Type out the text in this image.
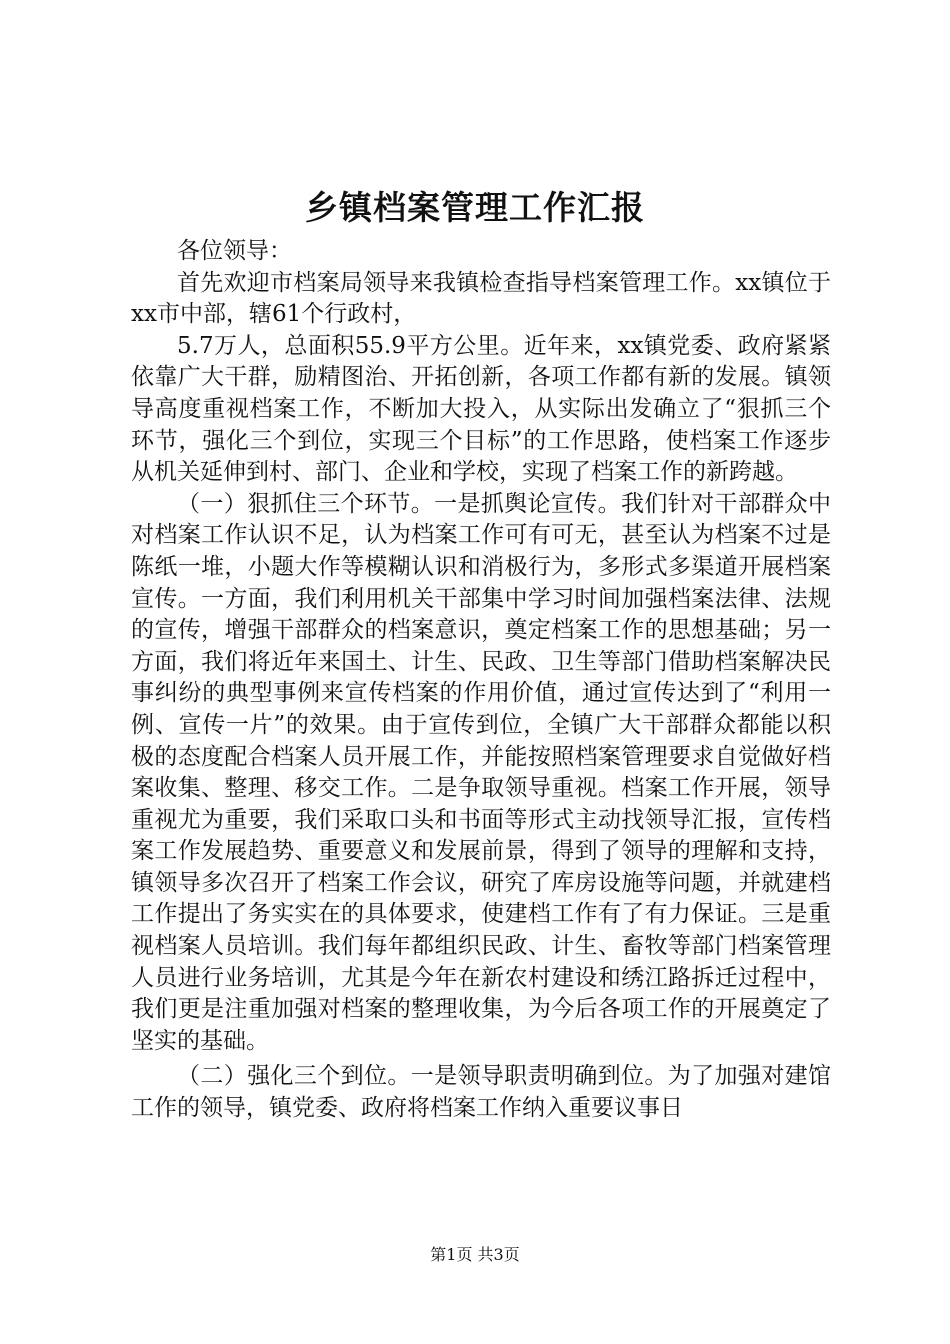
乡镇档案管理工作汇报

各位领导：

首先欢迎市档案局领导来我镇检查指导档案管理工作。xx镇位于xx市中部，辖61个行政村，

5.7万人，总面积55.9平方公里。近年来，xx镇党委、政府紧紧依靠广大干群，励精图治、开拓创新，各项工作都有新的发展。镇领导高度重视档案工作，不断加大投入，从实际出发确立了“狠抓三个环节，强化三个到位，实现三个目标”的工作思路，使档案工作逐步从机关延伸到村、部门、企业和学校，实现了档案工作的新跨越。

（一）狠抓住三个环节。一是抓舆论宣传。我们针对干部群众中对档案工作认识不足，认为档案工作可有可无，甚至认为档案不过是陈纸一堆，小题大作等模糊认识和消极行为，多形式多渠道开展档案宣传。一方面，我们利用机关干部集中学习时间加强档案法律、法规的宣传，增强干部群众的档案意识，奠定档案工作的思想基础；另一方面，我们将近年来国土、计生、民政、卫生等部门借助档案解决民事纠纷的典型事例来宣传档案的作用价值，通过宣传达到了“利用一例、宣传一片”的效果。由于宣传到位，全镇广大干部群众都能以积极的态度配合档案人员开展工作，并能按照档案管理要求自觉做好档案收集、整理、移交工作。二是争取领导重视。档案工作开展，领导重视尤为重要，我们采取口头和书面等形式主动找领导汇报，宣传档案工作发展趋势、重要意义和发展前景，得到了领导的理解和支持，镇领导多次召开了档案工作会议，研究了库房设施等问题，并就建档工作提出了务实实在的具体要求，使建档工作有了有力保证。三是重视档案人员培训。我们每年都组织民政、计生、畜牧等部门档案管理人员进行业务培训，尤其是今年在新农村建设和绣江路拆迁过程中，我们更是注重加强对档案的整理收集，为今后各项工作的开展奠定了坚实的基础。

（二）强化三个到位。一是领导职责明确到位。为了加强对建馆工作的领导，镇党委、政府将档案工作纳入重要议事日

第1页 共3页
